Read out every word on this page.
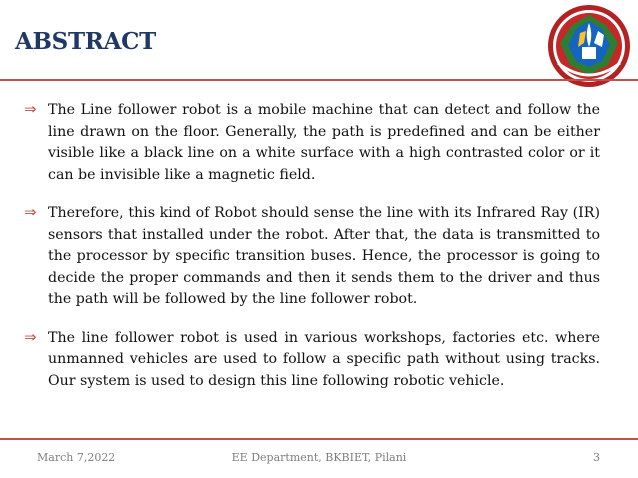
ABSTRACT
⇒ The Line follower robot is a mobile machine that can detect and follow the line drawn on the floor. Generally, the path is predefined and can be either visible like a black line on a white surface with a high contrasted color or it can be invisible like a magnetic field.
⇒ Therefore, this kind of Robot should sense the line with its Infrared Ray (IR) sensors that installed under the robot. After that, the data is transmitted to the processor by specific transition buses. Hence, the processor is going to decide the proper commands and then it sends them to the driver and thus the path will be followed by the line follower robot.
⇒ The line follower robot is used in various workshops, factories etc. where unmanned vehicles are used to follow a specific path without using tracks. Our system is used to design this line following robotic vehicle.
March 7,2022	EE Department, BKBIET, Pilani	3
